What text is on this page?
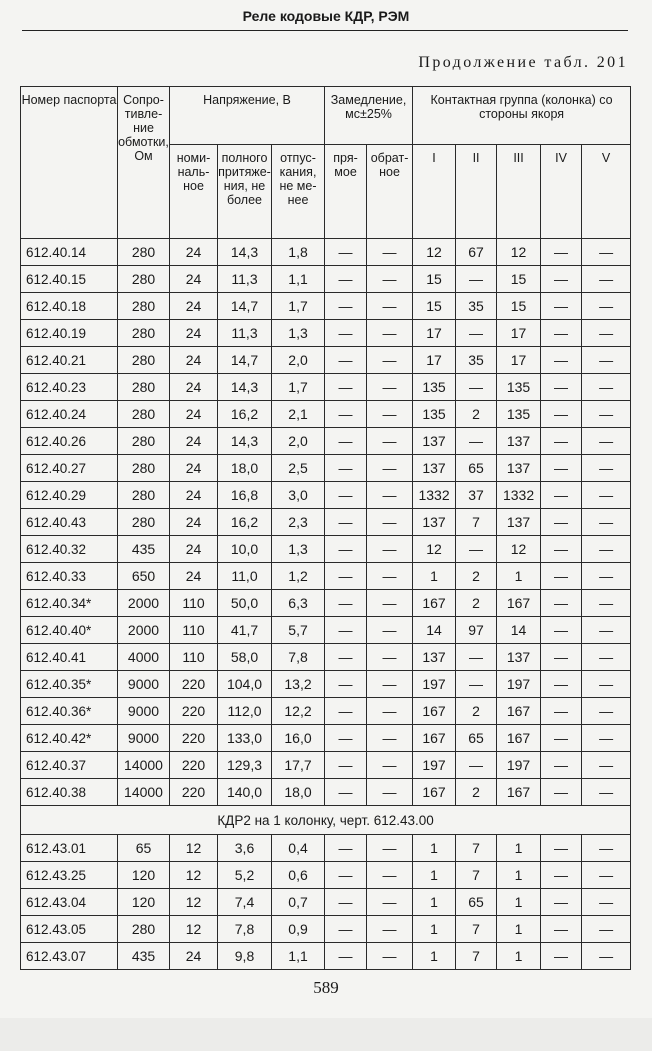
Реле кодовые КДР, РЭМ
Продолжение табл. 201
Номер паспорта	Сопротивление обмотки, Ом	Напряжение, В			Замедление, мс±25%		Контактная группа (колонка) со стороны якоря				
		номинальное	полного притяжения, не более	отпускания, не менее	прямое	обратное	I	II	III	IV	V
612.40.14	280	24	14,3	1,8	—	—	12	67	12	—	—
612.40.15	280	24	11,3	1,1	—	—	15	—	15	—	—
612.40.18	280	24	14,7	1,7	—	—	15	35	15	—	—
612.40.19	280	24	11,3	1,3	—	—	17	—	17	—	—
612.40.21	280	24	14,7	2,0	—	—	17	35	17	—	—
612.40.23	280	24	14,3	1,7	—	—	135	—	135	—	—
612.40.24	280	24	16,2	2,1	—	—	135	2	135	—	—
612.40.26	280	24	14,3	2,0	—	—	137	—	137	—	—
612.40.27	280	24	18,0	2,5	—	—	137	65	137	—	—
612.40.29	280	24	16,8	3,0	—	—	1332	37	1332	—	—
612.40.43	280	24	16,2	2,3	—	—	137	7	137	—	—
612.40.32	435	24	10,0	1,3	—	—	12	—	12	—	—
612.40.33	650	24	11,0	1,2	—	—	1	2	1	—	—
612.40.34*	2000	110	50,0	6,3	—	—	167	2	167	—	—
612.40.40*	2000	110	41,7	5,7	—	—	14	97	14	—	—
612.40.41	4000	110	58,0	7,8	—	—	137	—	137	—	—
612.40.35*	9000	220	104,0	13,2	—	—	197	—	197	—	—
612.40.36*	9000	220	112,0	12,2	—	—	167	2	167	—	—
612.40.42*	9000	220	133,0	16,0	—	—	167	65	167	—	—
612.40.37	14000	220	129,3	17,7	—	—	197	—	197	—	—
612.40.38	14000	220	140,0	18,0	—	—	167	2	167	—	—
КДР2 на 1 колонку, черт. 612.43.00											
612.43.01	65	12	3,6	0,4	—	—	1	7	1	—	—
612.43.25	120	12	5,2	0,6	—	—	1	7	1	—	—
612.43.04	120	12	7,4	0,7	—	—	1	65	1	—	—
612.43.05	280	12	7,8	0,9	—	—	1	7	1	—	—
612.43.07	435	24	9,8	1,1	—	—	1	7	1	—	—
589
